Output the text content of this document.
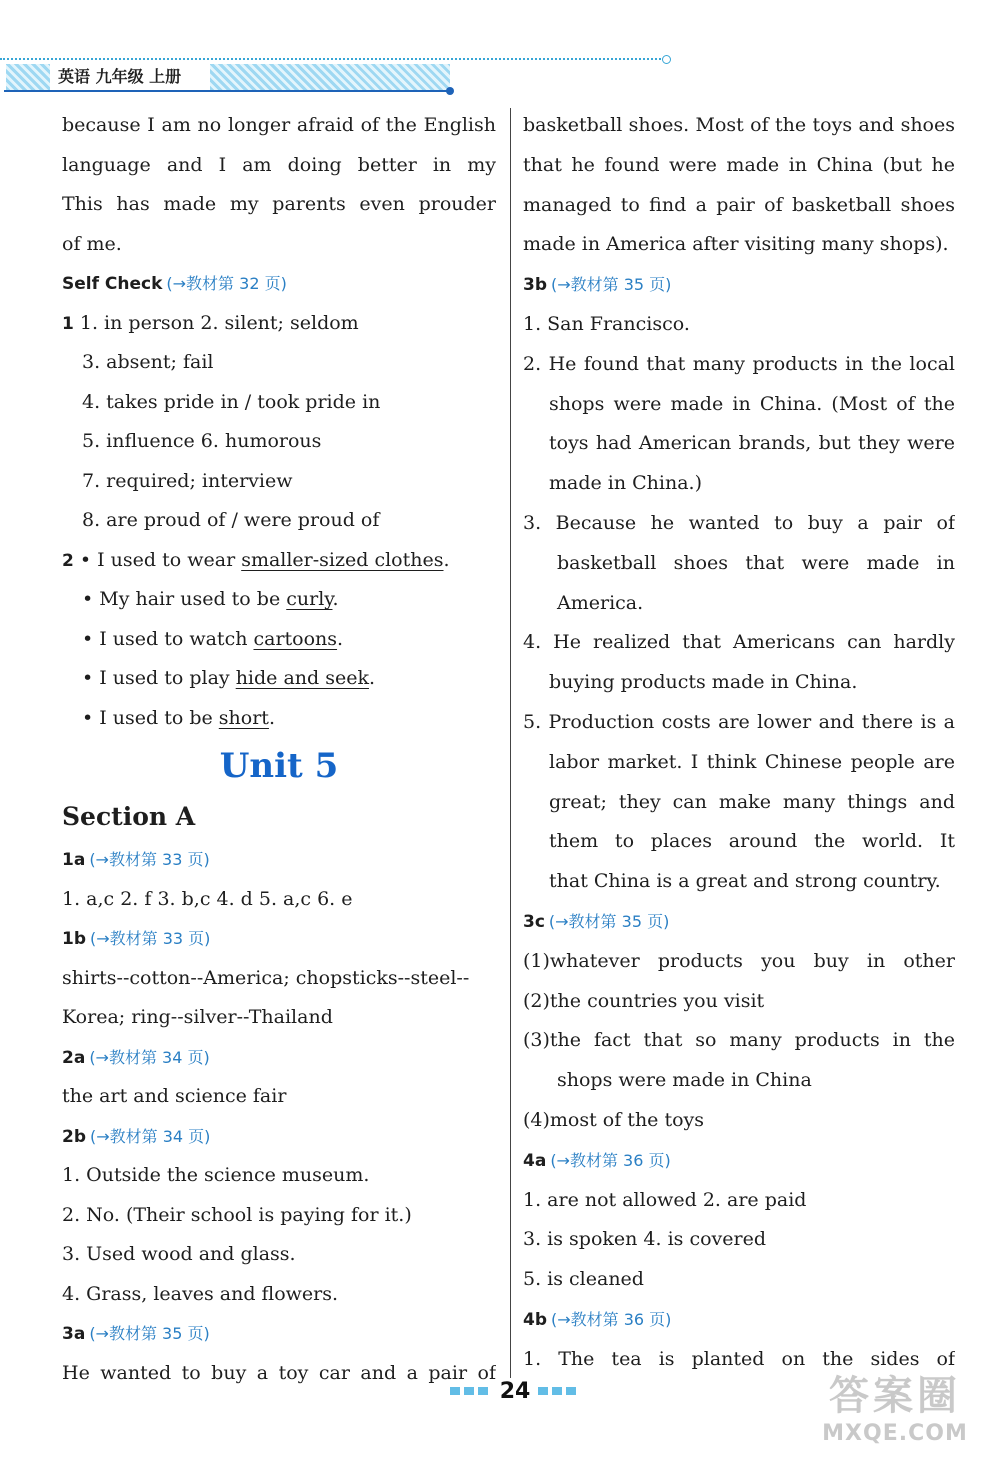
英语 九年级 上册
because I am no longer afraid of the English
language and I am doing better in my
This has made my parents even prouder
of me.
Self Check (→教材第 32 页)
1 1. in person 2. silent; seldom
3. absent; fail
4. takes pride in / took pride in
5. influence 6. humorous
7. required; interview
8. are proud of / were proud of
2 • I used to wear smaller-sized clothes.
• My hair used to be curly.
• I used to watch cartoons.
• I used to play hide and seek.
• I used to be short.
Unit 5
Section A
1a (→教材第 33 页)
1. a,c 2. f 3. b,c 4. d 5. a,c 6. e
1b (→教材第 33 页)
shirts--cotton--America; chopsticks--steel--
Korea; ring--silver--Thailand
2a (→教材第 34 页)
the art and science fair
2b (→教材第 34 页)
1. Outside the science museum.
2. No. (Their school is paying for it.)
3. Used wood and glass.
4. Grass, leaves and flowers.
3a (→教材第 35 页)
He wanted to buy a toy car and a pair of
basketball shoes. Most of the toys and shoes
that he found were made in China (but he
managed to find a pair of basketball shoes
made in America after visiting many shops).
3b (→教材第 35 页)
1. San Francisco.
2. He found that many products in the local
shops were made in China. (Most of the
toys had American brands, but they were
made in China.)
3. Because he wanted to buy a pair of
basketball shoes that were made in
America.
4. He realized that Americans can hardly
buying products made in China.
5. Production costs are lower and there is a
labor market. I think Chinese people are
great; they can make many things and
them to places around the world. It
that China is a great and strong country.
3c (→教材第 35 页)
(1)whatever products you buy in other
(2)the countries you visit
(3)the fact that so many products in the
shops were made in China
(4)most of the toys
4a (→教材第 36 页)
1. are not allowed 2. are paid
3. is spoken 4. is covered
5. is cleaned
4b (→教材第 36 页)
1. The tea is planted on the sides of
24	答案圈
MXQE.COM
